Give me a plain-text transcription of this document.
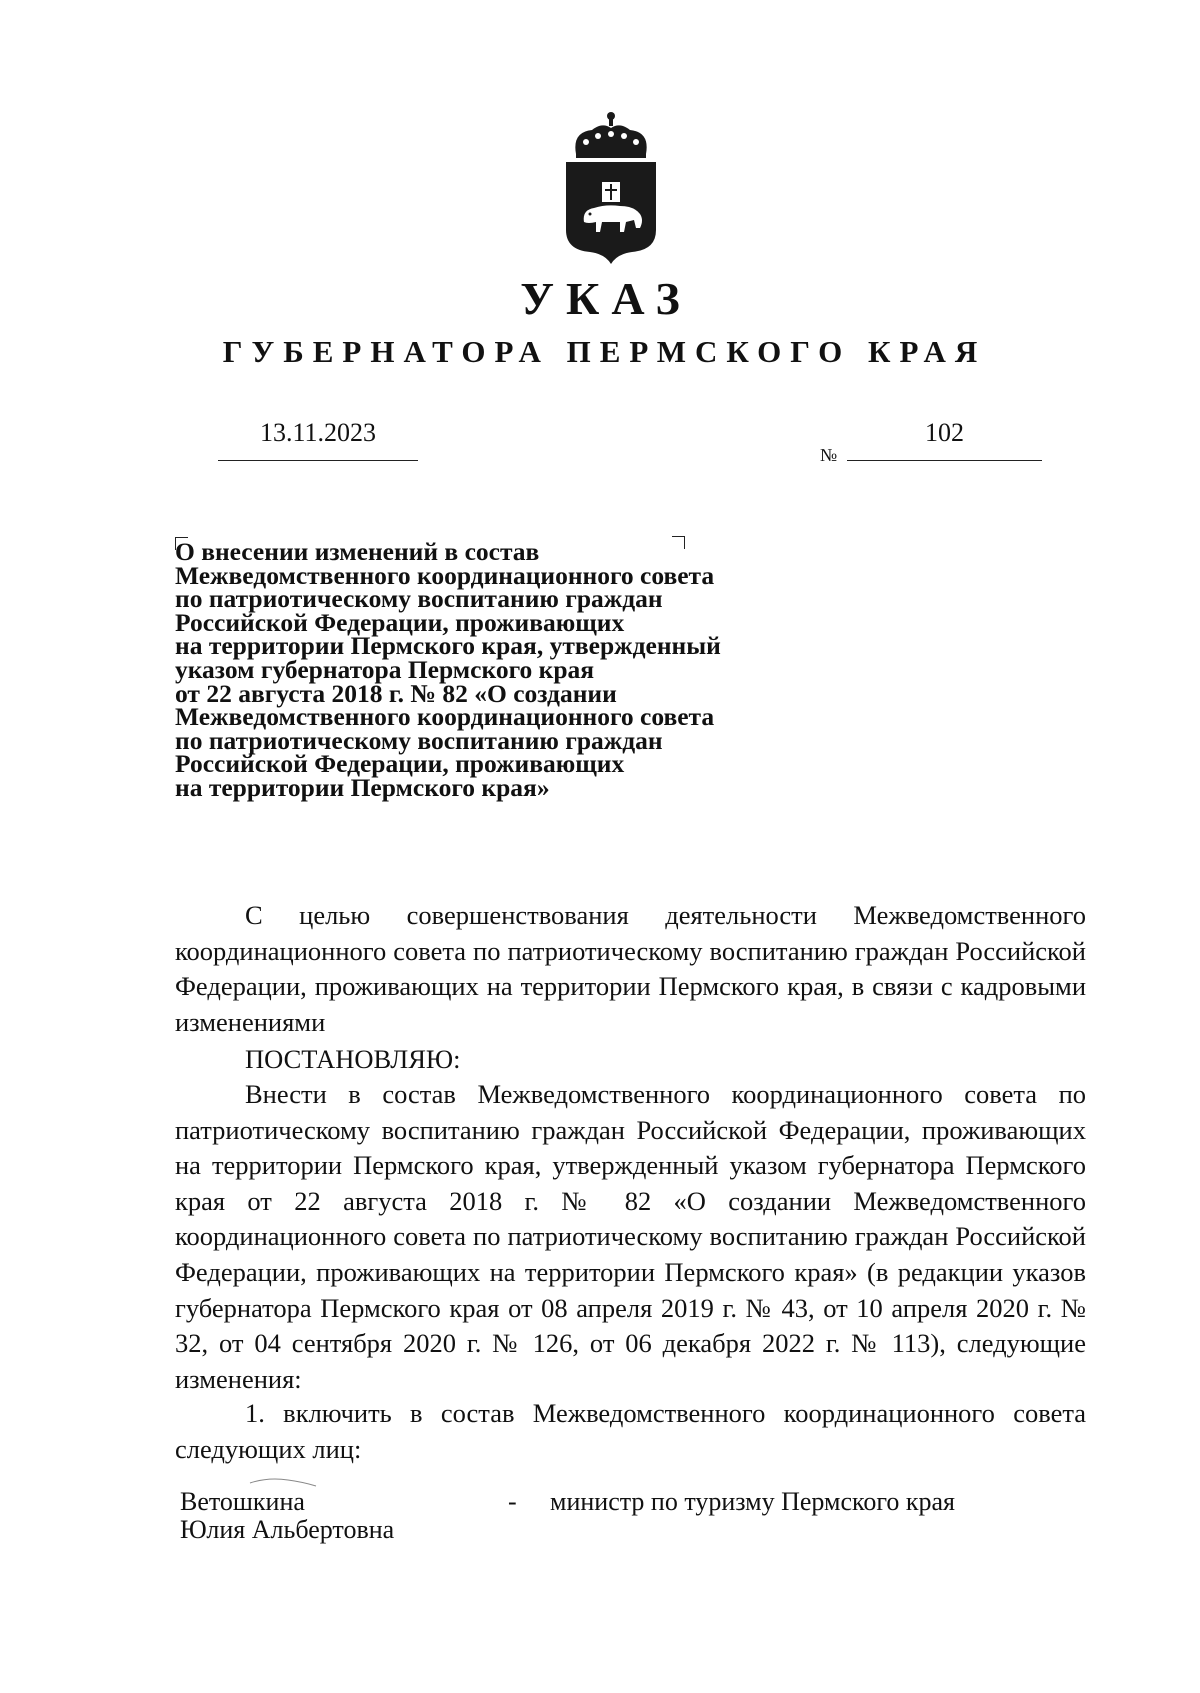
УКАЗ
ГУБЕРНАТОРА ПЕРМСКОГО КРАЯ
13.11.2023
№
102
О внесении изменений в состав
Межведомственного координационного совета
по патриотическому воспитанию граждан
Российской Федерации, проживающих
на территории Пермского края, утвержденный
указом губернатора Пермского края
от 22 августа 2018 г. № 82 «О создании
Межведомственного координационного совета
по патриотическому воспитанию граждан
Российской Федерации, проживающих
на территории Пермского края»
С целью совершенствования деятельности Межведомственного координационного совета по патриотическому воспитанию граждан Российской Федерации, проживающих на территории Пермского края, в связи с кадровыми изменениями
ПОСТАНОВЛЯЮ:
Внести в состав Межведомственного координационного совета по патриотическому воспитанию граждан Российской Федерации, проживающих на территории Пермского края, утвержденный указом губернатора Пермского края от 22 августа 2018 г. № 82 «О создании Межведомственного координационного совета по патриотическому воспитанию граждан Российской Федерации, проживающих на территории Пермского края» (в редакции указов губернатора Пермского края от 08 апреля 2019 г. № 43, от 10 апреля 2020 г. № 32, от 04 сентября 2020 г. № 126, от 06 декабря 2022 г. № 113), следующие изменения:
1. включить в состав Межведомственного координационного совета следующих лиц:
Ветошкина
Юлия Альбертовна
- министр по туризму Пермского края
